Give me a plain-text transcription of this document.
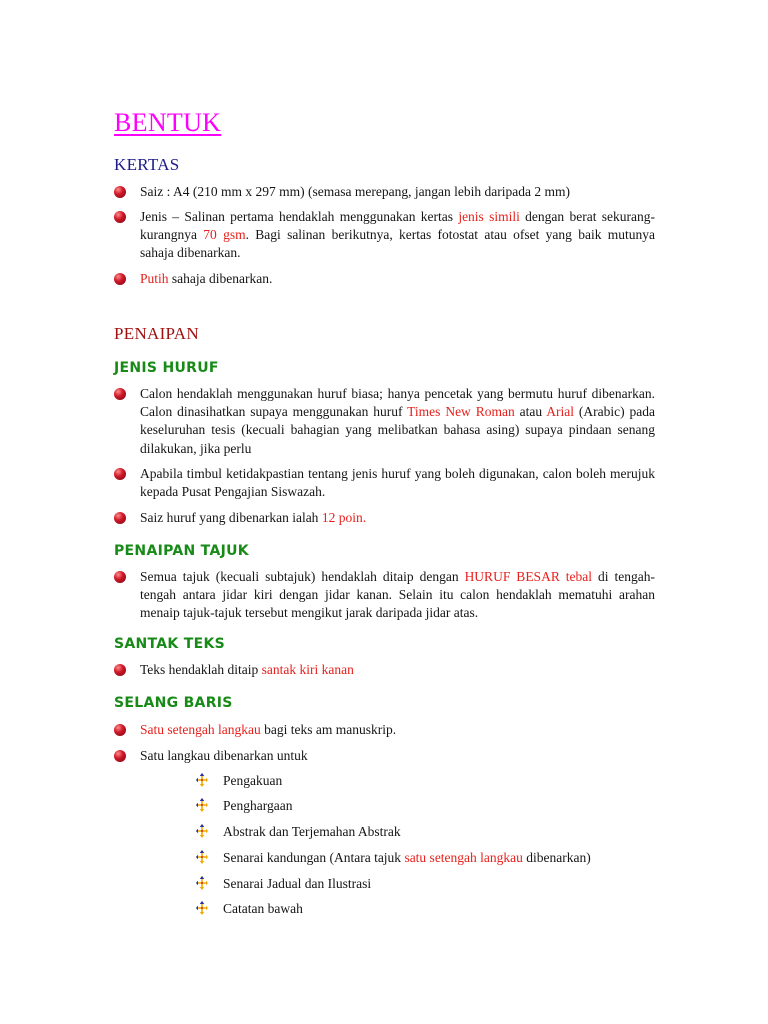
BENTUK
KERTAS
Saiz : A4 (210 mm x 297 mm) (semasa merepang, jangan lebih daripada 2 mm)
Jenis – Salinan pertama hendaklah menggunakan kertas jenis simili dengan berat sekurang-kurangnya 70 gsm. Bagi salinan berikutnya, kertas fotostat atau ofset yang baik mutunya sahaja dibenarkan.
Putih sahaja dibenarkan.
PENAIPAN
JENIS HURUF
Calon hendaklah menggunakan huruf biasa; hanya pencetak yang bermutu huruf dibenarkan. Calon dinasihatkan supaya menggunakan huruf Times New Roman atau Arial (Arabic) pada keseluruhan tesis (kecuali bahagian yang melibatkan bahasa asing) supaya pindaan senang dilakukan, jika perlu
Apabila timbul ketidakpastian tentang jenis huruf yang boleh digunakan, calon boleh merujuk kepada Pusat Pengajian Siswazah.
Saiz huruf yang dibenarkan ialah 12 poin.
PENAIPAN TAJUK
Semua tajuk (kecuali subtajuk) hendaklah ditaip dengan HURUF BESAR tebal di tengah-tengah antara jidar kiri dengan jidar kanan. Selain itu calon hendaklah mematuhi arahan menaip tajuk-tajuk tersebut mengikut jarak daripada jidar atas.
SANTAK TEKS
Teks hendaklah ditaip santak kiri kanan
SELANG BARIS
Satu setengah langkau bagi teks am manuskrip.
Satu langkau dibenarkan untuk
Pengakuan
Penghargaan
Abstrak dan Terjemahan Abstrak
Senarai kandungan (Antara tajuk satu setengah langkau dibenarkan)
Senarai Jadual dan Ilustrasi
Catatan bawah
